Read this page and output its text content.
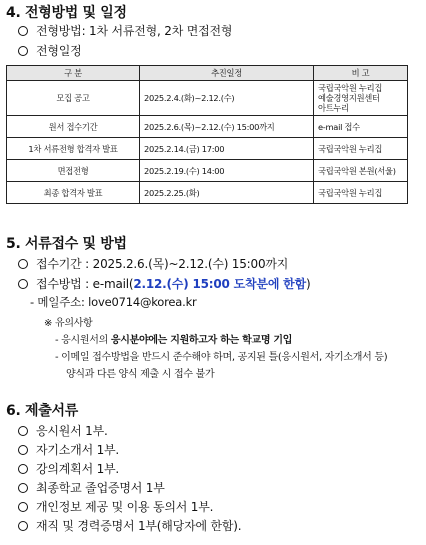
4. 전형방법 및 일정
전형방법: 1차 서류전형, 2차 면접전형
전형일정
구 분	추진일정	비 고
모집 공고	2025.2.4.(화)~2.12.(수)	국립국악원 누리집
예술경영지원센터
아트누리

원서 접수기간	2025.2.6.(목)~2.12.(수) 15:00까지	e-mail 접수
1차 서류전형 합격자 발표	2025.2.14.(금) 17:00	국립국악원 누리집
면접전형	2025.2.19.(수) 14:00	국립국악원 본원(서울)
최종 합격자 발표	2025.2.25.(화)	국립국악원 누리집
5. 서류접수 및 방법
접수기간 : 2025.2.6.(목)~2.12.(수) 15:00까지
접수방법 : e-mail(2.12.(수) 15:00 도착분에 한함)
- 메일주소: love0714@korea.kr
※ 유의사항
- 응시원서의 응시분야에는 지원하고자 하는 학교명 기입
- 이메일 접수방법을 반드시 준수해야 하며, 공지된 틀(응시원서, 자기소개서 등)
양식과 다른 양식 제출 시 접수 불가
6. 제출서류
응시원서 1부.
자기소개서 1부.
강의계획서 1부.
최종학교 졸업증명서 1부
개인정보 제공 및 이용 동의서 1부.
재직 및 경력증명서 1부(해당자에 한함).
